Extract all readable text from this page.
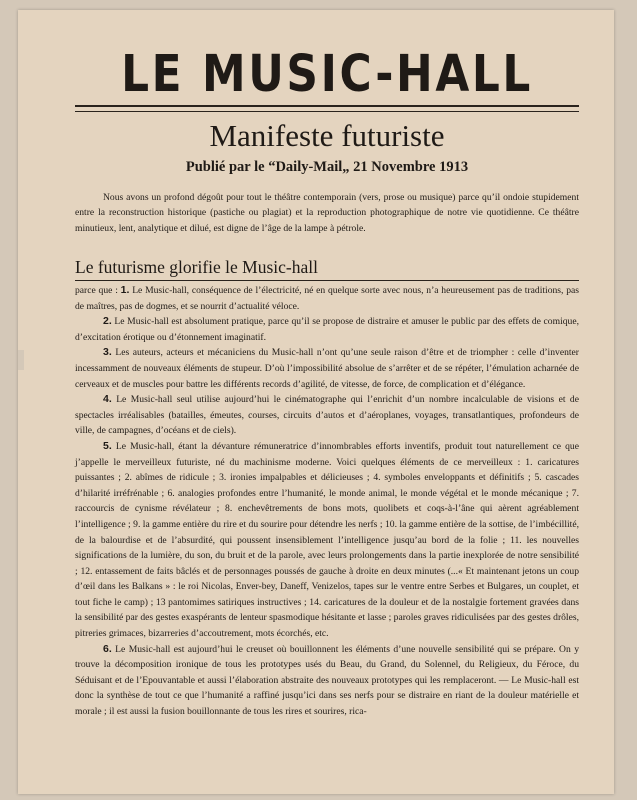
LE MUSIC-HALL
Manifeste futuriste
Publié par le “Daily-Mail„ 21 Novembre 1913
Nous avons un profond dégoût pour tout le théâtre contemporain (vers, prose ou musique) parce qu’il ondoie stupidement entre la reconstruction historique (pastiche ou plagiat) et la reproduction photographique de notre vie quotidienne. Ce théâtre minutieux, lent, analytique et dilué, est digne de l’âge de la lampe à pétrole.
Le futurisme glorifie le Music-hall

parce que : 1. Le Music-hall, conséquence de l’électricité, né en quelque sorte avec nous, n’a heureusement pas de traditions, pas de maîtres, pas de dogmes, et se nourrit d’actualité véloce.

2. Le Music-hall est absolument pratique, parce qu’il se propose de distraire et amuser le public par des effets de comique, d’excitation érotique ou d’étonnement imaginatif.

3. Les auteurs, acteurs et mécaniciens du Music-hall n’ont qu’une seule raison d’être et de triompher : celle d’inventer incessamment de nouveaux éléments de stupeur. D’où l’impossibilité absolue de s’arrêter et de se répéter, l’émulation acharnée de cerveaux et de muscles pour battre les différents records d’agilité, de vitesse, de force, de complication et d’élégance.

4. Le Music-hall seul utilise aujourd’hui le cinématographe qui l’enrichit d’un nombre incalculable de visions et de spectacles irréalisables (batailles, émeutes, courses, circuits d’autos et d’aéroplanes, voyages, transatlantiques, profondeurs de ville, de campagnes, d’océans et de ciels).

5. Le Music-hall, étant la dévanture rémuneratrice d’innombrables efforts inventifs, produit tout naturellement ce que j’appelle le merveilleux futuriste, né du machinisme moderne. Voici quelques éléments de ce merveilleux : 1. caricatures puissantes ; 2. abîmes de ridicule ; 3. ironies impalpables et délicieuses ; 4. symboles enveloppants et définitifs ; 5. cascades d’hilarité irréfrénable ; 6. analogies profondes entre l’humanité, le monde animal, le monde végétal et le monde mécanique ; 7. raccourcis de cynisme révélateur ; 8. enchevêtrements de bons mots, quolibets et coqs-à-l’âne qui aèrent agréablement l’intelligence ; 9. la gamme entière du rire et du sourire pour détendre les nerfs ; 10. la gamme entière de la sottise, de l’imbécillité, de la balourdise et de l’absurdité, qui poussent insensiblement l’intelligence jusqu’au bord de la folie ; 11. les nouvelles significations de la lumière, du son, du bruit et de la parole, avec leurs prolongements dans la partie inexplorée de notre sensibilité ; 12. entassement de faits bâclés et de personnages poussés de gauche à droite en deux minutes (...« Et maintenant jetons un coup d’œil dans les Balkans » : le roi Nicolas, Enver-bey, Daneff, Venizelos, tapes sur le ventre entre Serbes et Bulgares, un couplet, et tout fiche le camp) ; 13 pantomimes satiriques instructives ; 14. caricatures de la douleur et de la nostalgie fortement gravées dans la sensibilité par des gestes exaspérants de lenteur spasmodique hésitante et lasse ; paroles graves ridiculisées par des gestes drôles, pitreries grimaces, bizarreries d’accoutrement, mots écorchés, etc.

6. Le Music-hall est aujourd’hui le creuset où bouillonnent les éléments d’une nouvelle sensibilité qui se prépare. On y trouve la décomposition ironique de tous les prototypes usés du Beau, du Grand, du Solennel, du Religieux, du Féroce, du Séduisant et de l’Epouvantable et aussi l’élaboration abstraite des nouveaux prototypes qui les remplaceront. — Le Music-hall est donc la synthèse de tout ce que l’humanité a raffiné jusqu’ici dans ses nerfs pour se distraire en riant de la douleur matérielle et morale ; il est aussi la fusion bouillonnante de tous les rires et sourires, rica-
